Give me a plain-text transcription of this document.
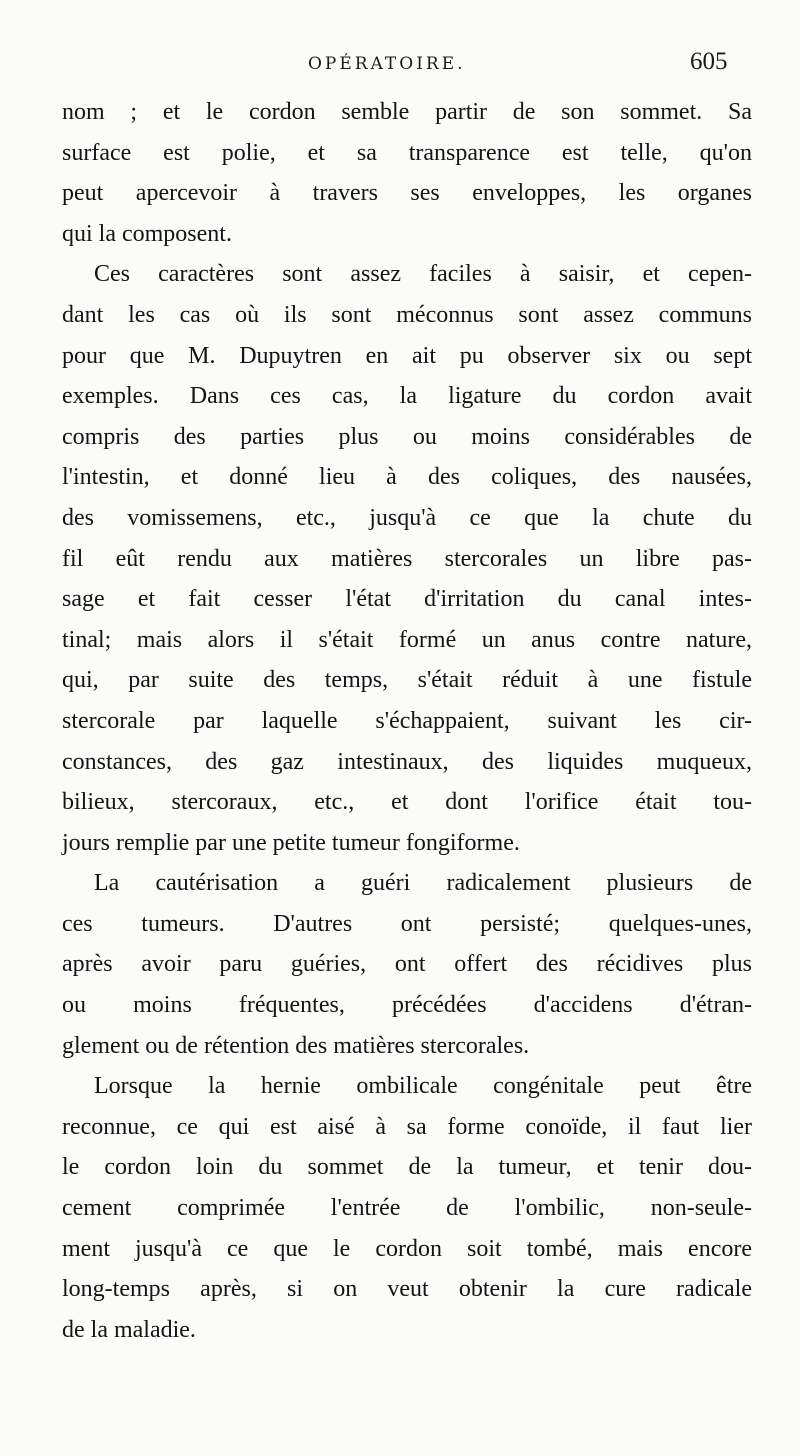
OPÉRATOIRE.	605
nom ; et le cordon semble partir de son sommet. Sa
surface est polie, et sa transparence est telle, qu'on
peut apercevoir à travers ses enveloppes, les organes
qui la composent.
Ces caractères sont assez faciles à saisir, et cepen-
dant les cas où ils sont méconnus sont assez communs
pour que M. Dupuytren en ait pu observer six ou sept
exemples. Dans ces cas, la ligature du cordon avait
compris des parties plus ou moins considérables de
l'intestin, et donné lieu à des coliques, des nausées,
des vomissemens, etc., jusqu'à ce que la chute du
fil eût rendu aux matières stercorales un libre pas-
sage et fait cesser l'état d'irritation du canal intes-
tinal; mais alors il s'était formé un anus contre nature,
qui, par suite des temps, s'était réduit à une fistule
stercorale par laquelle s'échappaient, suivant les cir-
constances, des gaz intestinaux, des liquides muqueux,
bilieux, stercoraux, etc., et dont l'orifice était tou-
jours remplie par une petite tumeur fongiforme.
La cautérisation a guéri radicalement plusieurs de
ces tumeurs. D'autres ont persisté; quelques-unes,
après avoir paru guéries, ont offert des récidives plus
ou moins fréquentes, précédées d'accidens d'étran-
glement ou de rétention des matières stercorales.
Lorsque la hernie ombilicale congénitale peut être
reconnue, ce qui est aisé à sa forme conoïde, il faut lier
le cordon loin du sommet de la tumeur, et tenir dou-
cement comprimée l'entrée de l'ombilic, non-seule-
ment jusqu'à ce que le cordon soit tombé, mais encore
long-temps après, si on veut obtenir la cure radicale
de la maladie.
